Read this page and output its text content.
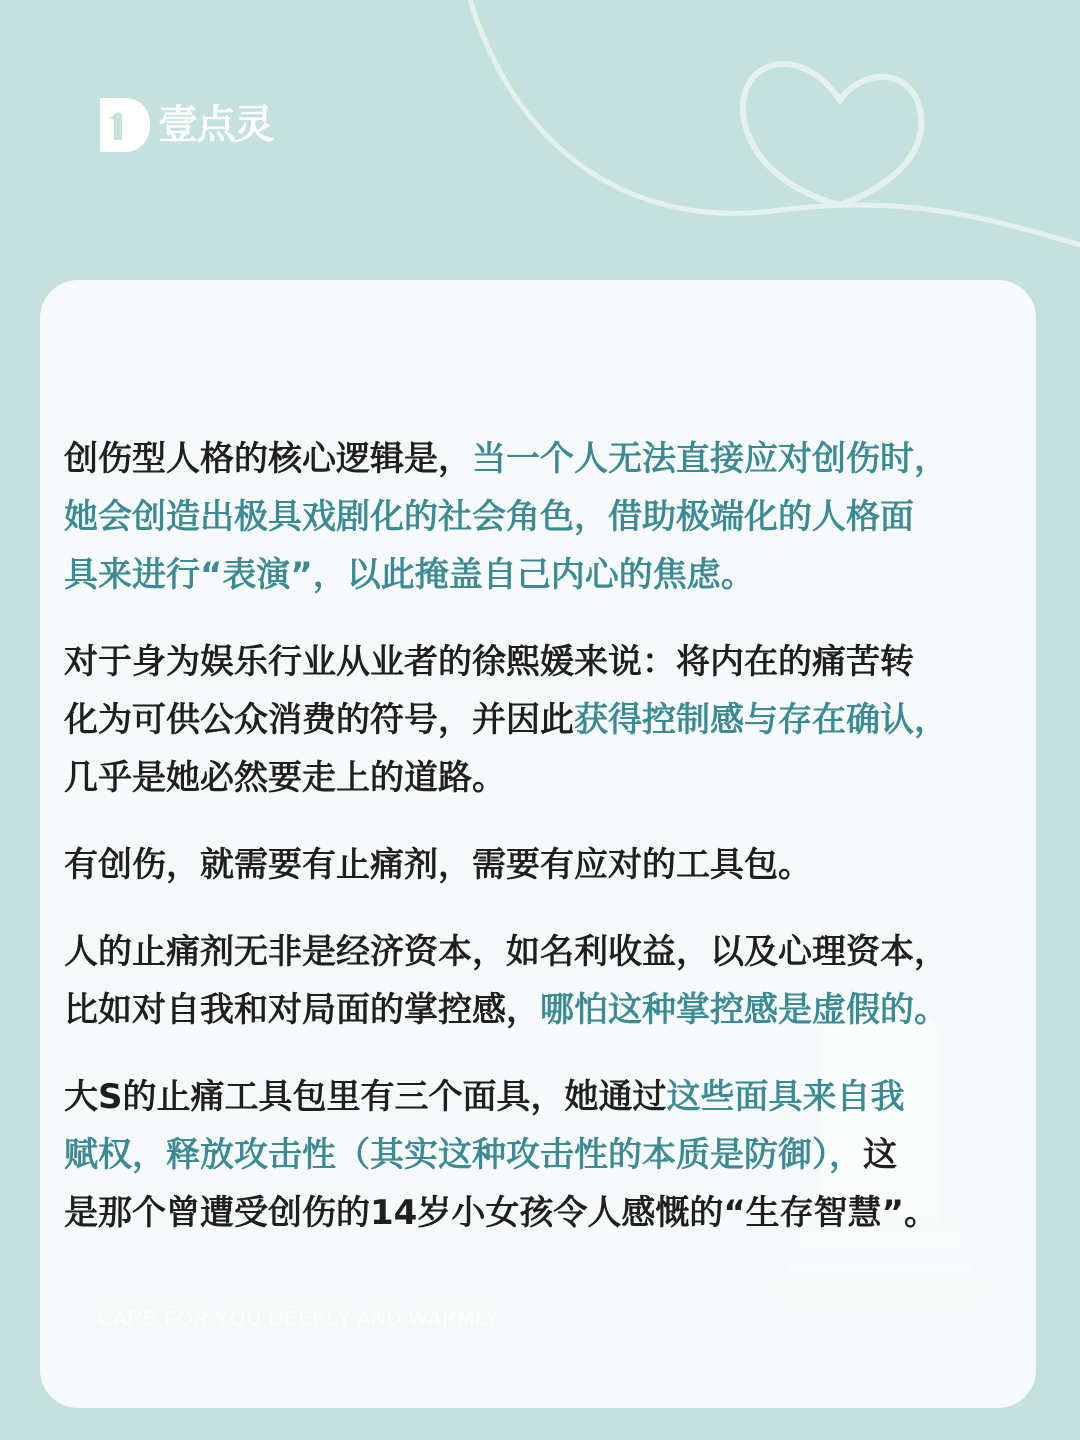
壹点灵

创伤型人格的核心逻辑是，当一个人无法直接应对创伤时，
她会创造出极具戏剧化的社会角色，借助极端化的人格面
具来进行“表演”，以此掩盖自己内心的焦虑。

对于身为娱乐行业从业者的徐熙媛来说：将内在的痛苦转
化为可供公众消费的符号，并因此获得控制感与存在确认，
几乎是她必然要走上的道路。

有创伤，就需要有止痛剂，需要有应对的工具包。

人的止痛剂无非是经济资本，如名利收益，以及心理资本，
比如对自我和对局面的掌控感，哪怕这种掌控感是虚假的。

大S的止痛工具包里有三个面具，她通过这些面具来自我
赋权，释放攻击性（其实这种攻击性的本质是防御），这
是那个曾遭受创伤的14岁小女孩令人感慨的“生存智慧”。

CARE FOR YOU DEEPLY AND WARMLY
